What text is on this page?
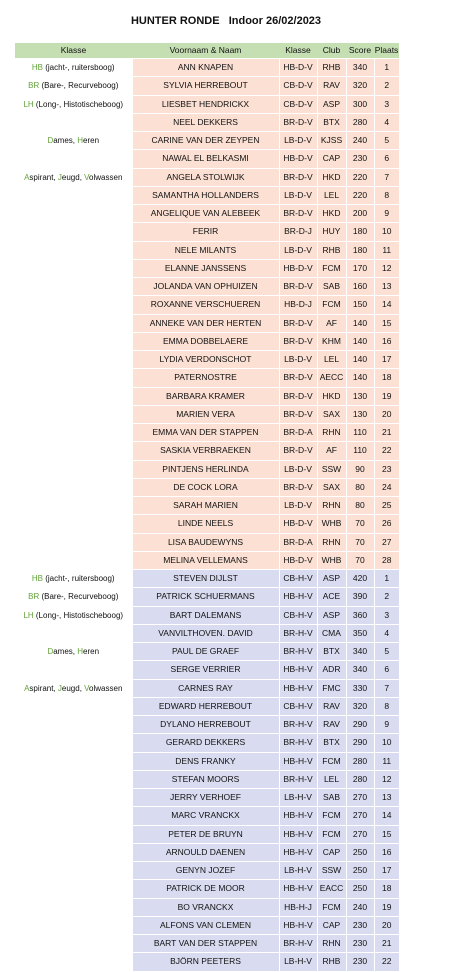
HUNTER RONDE   Indoor 26/02/2023
Klasse	Voornaam & Naam	Klasse	Club	Score	Plaats
HB (jacht-, ruitersboog)	ANN KNAPEN	HB-D-V	RHB	340	1
BR (Bare-, Recurveboog)	SYLVIA HERREBOUT	CB-D-V	RAV	320	2
LH (Long-, Histotischeboog)	LIESBET HENDRICKX	CB-D-V	ASP	300	3
	NEEL DEKKERS	BR-D-V	BTX	280	4
Dames, Heren	CARINE VAN DER ZEYPEN	LB-D-V	KJSS	240	5
	NAWAL EL BELKASMI	HB-D-V	CAP	230	6
Aspirant, Jeugd, Volwassen	ANGELA STOLWIJK	BR-D-V	HKD	220	7
	SAMANTHA HOLLANDERS	LB-D-V	LEL	220	8
	ANGELIQUE VAN ALEBEEK	BR-D-V	HKD	200	9
	FERIR	BR-D-J	HUY	180	10
	NELE MILANTS	LB-D-V	RHB	180	11
	ELANNE JANSSENS	HB-D-V	FCM	170	12
	JOLANDA VAN OPHUIZEN	BR-D-V	SAB	160	13
	ROXANNE VERSCHUEREN	HB-D-J	FCM	150	14
	ANNEKE VAN DER HERTEN	BR-D-V	AF	140	15
	EMMA DOBBELAERE	BR-D-V	KHM	140	16
	LYDIA VERDONSCHOT	LB-D-V	LEL	140	17
	PATERNOSTRE	BR-D-V	AECC	140	18
	BARBARA KRAMER	BR-D-V	HKD	130	19
	MARIEN VERA	BR-D-V	SAX	130	20
	EMMA VAN DER STAPPEN	BR-D-A	RHN	110	21
	SASKIA VERBRAEKEN	BR-D-V	AF	110	22
	PINTJENS HERLINDA	LB-D-V	SSW	90	23
	DE COCK LORA	BR-D-V	SAX	80	24
	SARAH MARIEN	LB-D-V	RHN	80	25
	LINDE NEELS	HB-D-V	WHB	70	26
	LISA BAUDEWYNS	BR-D-A	RHN	70	27
	MELINA VELLEMANS	HB-D-V	WHB	70	28
HB (jacht-, ruitersboog)	STEVEN DIJLST	CB-H-V	ASP	420	1
BR (Bare-, Recurveboog)	PATRICK SCHUERMANS	HB-H-V	ACE	390	2
LH (Long-, Histotischeboog)	BART DALEMANS	CB-H-V	ASP	360	3
	VANVILTHOVEN. DAVID	BR-H-V	CMA	350	4
Dames, Heren	PAUL DE GRAEF	BR-H-V	BTX	340	5
	SERGE VERRIER	HB-H-V	ADR	340	6
Aspirant, Jeugd, Volwassen	CARNES RAY	HB-H-V	FMC	330	7
	EDWARD HERREBOUT	CB-H-V	RAV	320	8
	DYLANO HERREBOUT	BR-H-V	RAV	290	9
	GERARD DEKKERS	BR-H-V	BTX	290	10
	DENS FRANKY	HB-H-V	FCM	280	11
	STEFAN MOORS	BR-H-V	LEL	280	12
	JERRY VERHOEF	LB-H-V	SAB	270	13
	MARC VRANCKX	HB-H-V	FCM	270	14
	PETER DE BRUYN	HB-H-V	FCM	270	15
	ARNOULD DAENEN	HB-H-V	CAP	250	16
	GENYN JOZEF	LB-H-V	SSW	250	17
	PATRICK DE MOOR	HB-H-V	EACC	250	18
	BO VRANCKX	HB-H-J	FCM	240	19
	ALFONS VAN CLEMEN	HB-H-V	CAP	230	20
	BART VAN DER STAPPEN	BR-H-V	RHN	230	21
	BJÖRN PEETERS	LB-H-V	RHB	230	22
